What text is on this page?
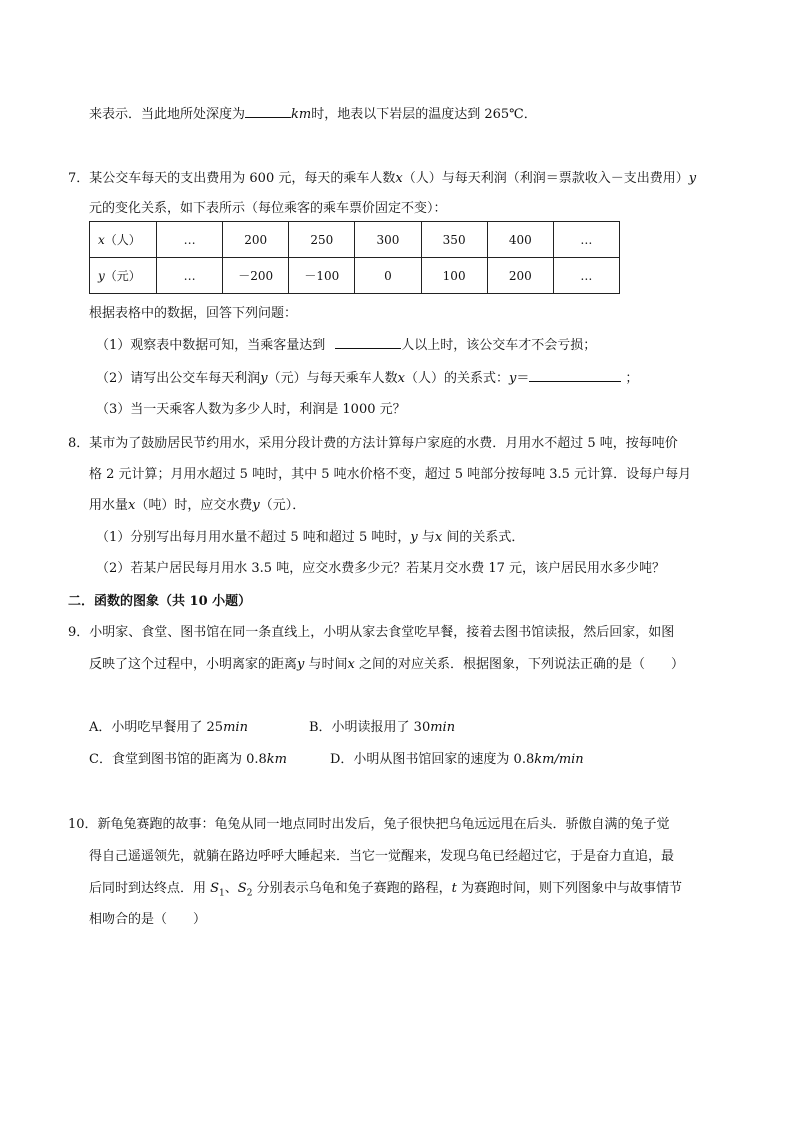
来表示．当此地所处深度为	km时，地表以下岩层的温度达到 265℃．
7．某公交车每天的支出费用为 600 元，每天的乘车人数x（人）与每天利润（利润＝票款收入－支出费用）y
元的变化关系，如下表所示（每位乘客的乘车票价固定不变）：
x（人）	…	200	250	300	350	400	…
y（元）	…	－200	－100	0	100	200	…
根据表格中的数据，回答下列问题：
（1）观察表中数据可知，当乘客量达到	人以上时，该公交车才不会亏损；
（2）请写出公交车每天利润y（元）与每天乘车人数x（人）的关系式：y＝	；
（3）当一天乘客人数为多少人时，利润是 1000 元？
8．某市为了鼓励居民节约用水，采用分段计费的方法计算每户家庭的水费．月用水不超过 5 吨，按每吨价
格 2 元计算；月用水超过 5 吨时，其中 5 吨水价格不变，超过 5 吨部分按每吨 3.5 元计算．设每户每月
用水量x（吨）时，应交水费y（元）．
（1）分别写出每月用水量不超过 5 吨和超过 5 吨时，y 与x 间的关系式．
（2）若某户居民每月用水 3.5 吨，应交水费多少元？若某月交水费 17 元，该户居民用水多少吨？
二．函数的图象（共 10 小题）
9．小明家、食堂、图书馆在同一条直线上，小明从家去食堂吃早餐，接着去图书馆读报，然后回家，如图
反映了这个过程中，小明离家的距离y 与时间x 之间的对应关系．根据图象，下列说法正确的是（　　）
A．小明吃早餐用了 25min	B．小明读报用了 30min
C．食堂到图书馆的距离为 0.8km	D．小明从图书馆回家的速度为 0.8km/min
10．新龟兔赛跑的故事：龟兔从同一地点同时出发后，兔子很快把乌龟远远甩在后头．骄傲自满的兔子觉
得自己遥遥领先，就躺在路边呼呼大睡起来．当它一觉醒来，发现乌龟已经超过它，于是奋力直追，最
后同时到达终点．用 $S_1$、$S_2$ 分别表示乌龟和兔子赛跑的路程，t 为赛跑时间，则下列图象中与故事情节
相吻合的是（　　）
